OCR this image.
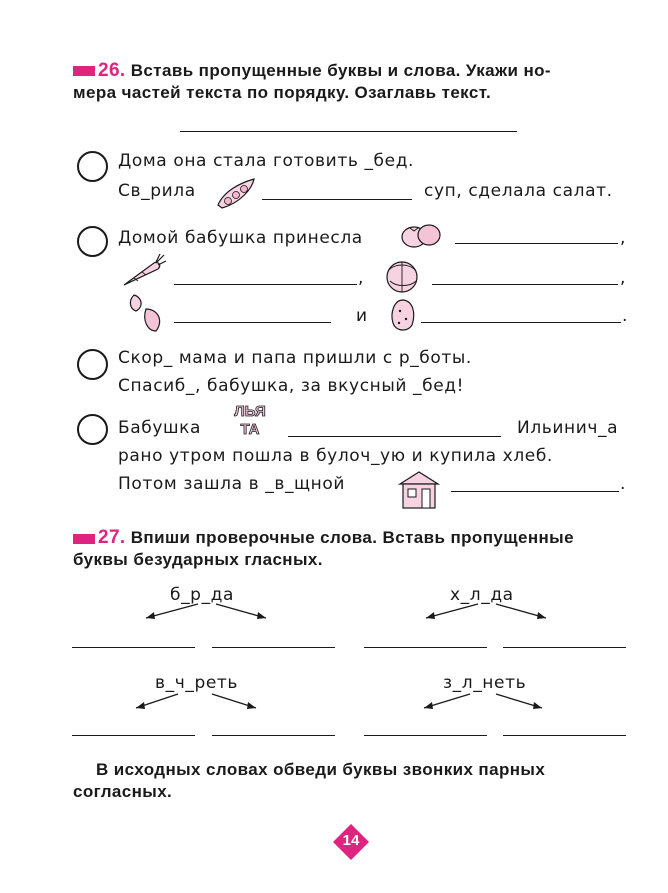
26. Вставь пропущенные буквы и слова. Укажи но-
мера частей текста по порядку. Озаглавь текст.
Дома она стала готовить _бед.
Св_рила	суп, сделала салат.
Домой бабушка принесла	,
,	,
и	.
Скор_ мама и папа пришли с р_боты.
Спасиб_, бабушка, за вкусный _бед!
Бабушка
ЛЬЯ
ТА	Ильинич_а
рано утром пошла в булоч_ую и купила хлеб.
Потом зашла в _в_щной	.
27. Впиши проверочные слова. Вставь пропущенные
буквы безударных гласных.
б_р_да	х_л_да
в_ч_реть	з_л_неть
В исходных словах обведи буквы звонких парных
согласных.
14
